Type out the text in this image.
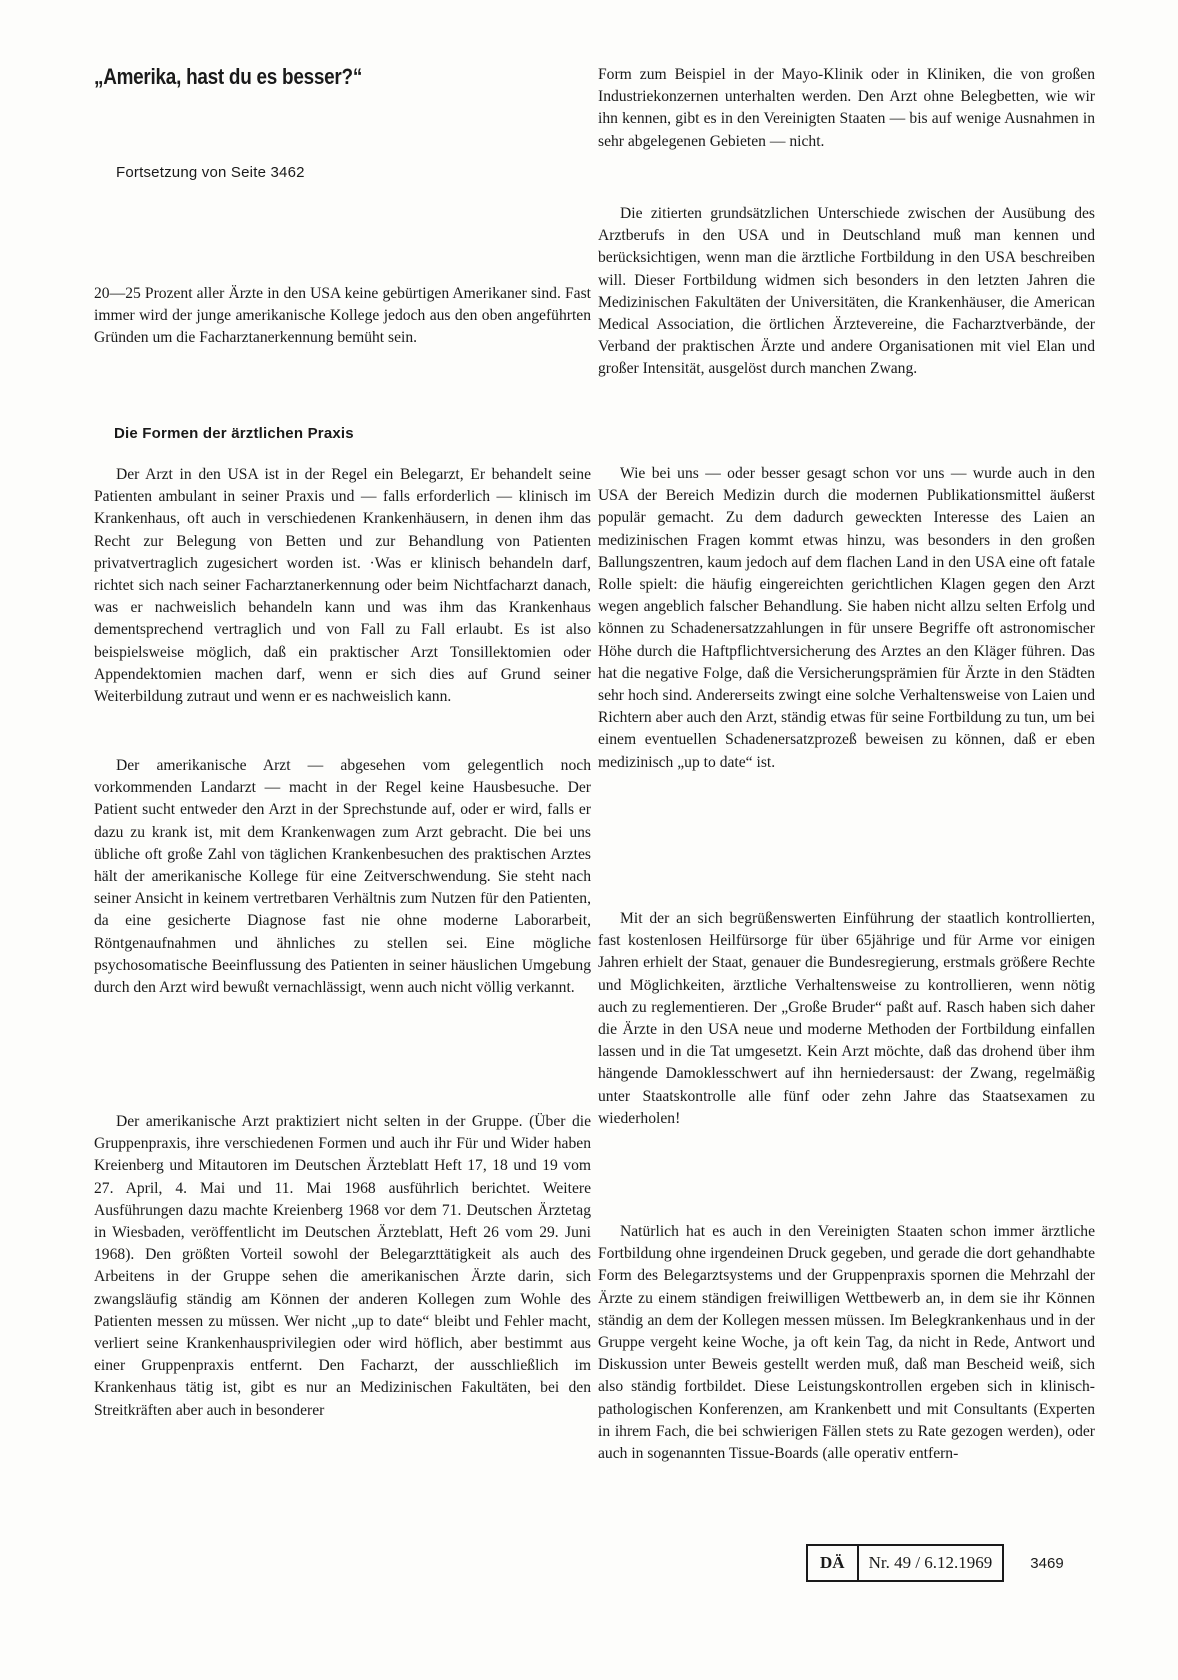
„Amerika, hast du es besser?“
Fortsetzung von Seite 3462

20—25 Prozent aller Ärzte in den USA keine gebürtigen Amerikaner sind. Fast immer wird der junge amerikanische Kollege jedoch aus den oben angeführten Gründen um die Facharztanerkennung bemüht sein.

Die Formen der ärztlichen Praxis

Der Arzt in den USA ist in der Regel ein Belegarzt, Er behandelt seine Patienten ambulant in seiner Praxis und — falls erforderlich — klinisch im Krankenhaus, oft auch in verschiedenen Krankenhäusern, in denen ihm das Recht zur Belegung von Betten und zur Behandlung von Patienten privatvertraglich zugesichert worden ist. ·Was er klinisch behandeln darf, richtet sich nach seiner Facharztanerkennung oder beim Nichtfacharzt danach, was er nachweislich behandeln kann und was ihm das Krankenhaus dementsprechend vertraglich und von Fall zu Fall erlaubt. Es ist also beispielsweise möglich, daß ein praktischer Arzt Tonsillektomien oder Appendektomien machen darf, wenn er sich dies auf Grund seiner Weiterbildung zutraut und wenn er es nachweislich kann.

Der amerikanische Arzt — abgesehen vom gelegentlich noch vorkommenden Landarzt — macht in der Regel keine Hausbesuche. Der Patient sucht entweder den Arzt in der Sprechstunde auf, oder er wird, falls er dazu zu krank ist, mit dem Krankenwagen zum Arzt gebracht. Die bei uns übliche oft große Zahl von täglichen Krankenbesuchen des praktischen Arztes hält der amerikanische Kollege für eine Zeitverschwendung. Sie steht nach seiner Ansicht in keinem vertretbaren Verhältnis zum Nutzen für den Patienten, da eine gesicherte Diagnose fast nie ohne moderne Laborarbeit, Röntgenaufnahmen und ähnliches zu stellen sei. Eine mögliche psychosomatische Beeinflussung des Patienten in seiner häuslichen Umgebung durch den Arzt wird bewußt vernachlässigt, wenn auch nicht völlig verkannt.

Der amerikanische Arzt praktiziert nicht selten in der Gruppe. (Über die Gruppenpraxis, ihre verschiedenen Formen und auch ihr Für und Wider haben Kreienberg und Mitautoren im Deutschen Ärzteblatt Heft 17, 18 und 19 vom 27. April, 4. Mai und 11. Mai 1968 ausführlich berichtet. Weitere Ausführungen dazu machte Kreienberg 1968 vor dem 71. Deutschen Ärztetag in Wiesbaden, veröffentlicht im Deutschen Ärzteblatt, Heft 26 vom 29. Juni 1968). Den größten Vorteil sowohl der Belegarzttätigkeit als auch des Arbeitens in der Gruppe sehen die amerikanischen Ärzte darin, sich zwangsläufig ständig am Können der anderen Kollegen zum Wohle des Patienten messen zu müssen. Wer nicht „up to date“ bleibt und Fehler macht, verliert seine Krankenhausprivilegien oder wird höflich, aber bestimmt aus einer Gruppenpraxis entfernt. Den Facharzt, der ausschließlich im Krankenhaus tätig ist, gibt es nur an Medizinischen Fakultäten, bei den Streitkräften aber auch in besonderer

Form zum Beispiel in der Mayo-Klinik oder in Kliniken, die von großen Industriekonzernen unterhalten werden. Den Arzt ohne Belegbetten, wie wir ihn kennen, gibt es in den Vereinigten Staaten — bis auf wenige Ausnahmen in sehr abgelegenen Gebieten — nicht.

Die zitierten grundsätzlichen Unterschiede zwischen der Ausübung des Arztberufs in den USA und in Deutschland muß man kennen und berücksichtigen, wenn man die ärztliche Fortbildung in den USA beschreiben will. Dieser Fortbildung widmen sich besonders in den letzten Jahren die Medizinischen Fakultäten der Universitäten, die Krankenhäuser, die American Medical Association, die örtlichen Ärztevereine, die Facharztverbände, der Verband der praktischen Ärzte und andere Organisationen mit viel Elan und großer Intensität, ausgelöst durch manchen Zwang.

Wie bei uns — oder besser gesagt schon vor uns — wurde auch in den USA der Bereich Medizin durch die modernen Publikationsmittel äußerst populär gemacht. Zu dem dadurch geweckten Interesse des Laien an medizinischen Fragen kommt etwas hinzu, was besonders in den großen Ballungszentren, kaum jedoch auf dem flachen Land in den USA eine oft fatale Rolle spielt: die häufig eingereichten gerichtlichen Klagen gegen den Arzt wegen angeblich falscher Behandlung. Sie haben nicht allzu selten Erfolg und können zu Schadenersatzzahlungen in für unsere Begriffe oft astronomischer Höhe durch die Haftpflichtversicherung des Arztes an den Kläger führen. Das hat die negative Folge, daß die Versicherungsprämien für Ärzte in den Städten sehr hoch sind. Andererseits zwingt eine solche Verhaltensweise von Laien und Richtern aber auch den Arzt, ständig etwas für seine Fortbildung zu tun, um bei einem eventuellen Schadenersatzprozeß beweisen zu können, daß er eben medizinisch „up to date“ ist.

Mit der an sich begrüßenswerten Einführung der staatlich kontrollierten, fast kostenlosen Heilfürsorge für über 65jährige und für Arme vor einigen Jahren erhielt der Staat, genauer die Bundesregierung, erstmals größere Rechte und Möglichkeiten, ärztliche Verhaltensweise zu kontrollieren, wenn nötig auch zu reglementieren. Der „Große Bruder“ paßt auf. Rasch haben sich daher die Ärzte in den USA neue und moderne Methoden der Fortbildung einfallen lassen und in die Tat umgesetzt. Kein Arzt möchte, daß das drohend über ihm hängende Damoklesschwert auf ihn herniedersaust: der Zwang, regelmäßig unter Staatskontrolle alle fünf oder zehn Jahre das Staatsexamen zu wiederholen!

Natürlich hat es auch in den Vereinigten Staaten schon immer ärztliche Fortbildung ohne irgendeinen Druck gegeben, und gerade die dort gehandhabte Form des Belegarztsystems und der Gruppenpraxis spornen die Mehrzahl der Ärzte zu einem ständigen freiwilligen Wettbewerb an, in dem sie ihr Können ständig an dem der Kollegen messen müssen. Im Belegkrankenhaus und in der Gruppe vergeht keine Woche, ja oft kein Tag, da nicht in Rede, Antwort und Diskussion unter Beweis gestellt werden muß, daß man Bescheid weiß, sich also ständig fortbildet. Diese Leistungskontrollen ergeben sich in klinisch-pathologischen Konferenzen, am Krankenbett und mit Consultants (Experten in ihrem Fach, die bei schwierigen Fällen stets zu Rate gezogen werden), oder auch in sogenannten Tissue-Boards (alle operativ entfern-

DÄ	Nr. 49 / 6.12.1969	3469
